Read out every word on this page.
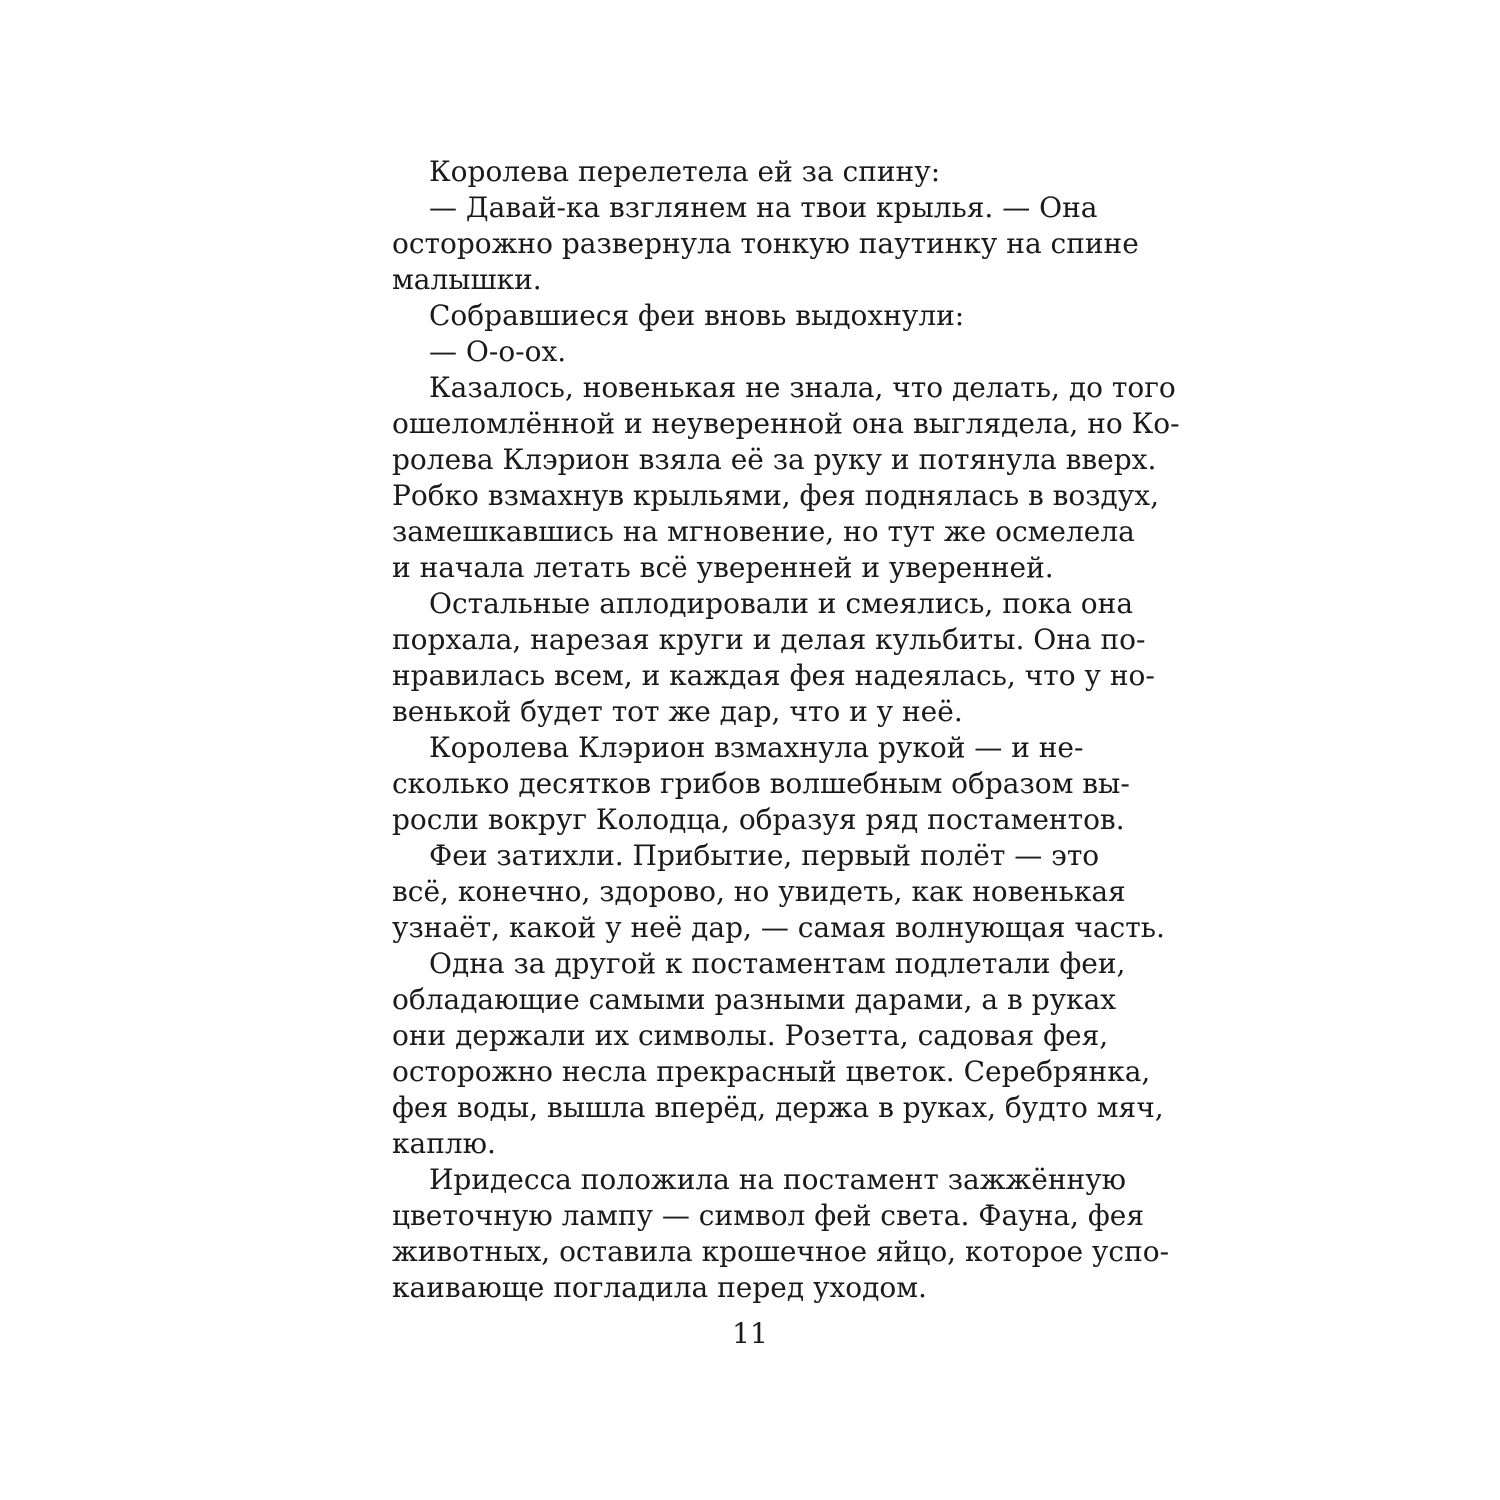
Королева перелетела ей за спину:
— Давай-ка взглянем на твои крылья. — Она
осторожно развернула тонкую паутинку на спине
малышки.
Собравшиеся феи вновь выдохнули:
— О-о-ох.
Казалось, новенькая не знала, что делать, до того
ошеломлённой и неуверенной она выглядела, но Ко-
ролева Клэрион взяла её за руку и потянула вверх.
Робко взмахнув крыльями, фея поднялась в воздух,
замешкавшись на мгновение, но тут же осмелела
и начала летать всё уверенней и уверенней.
Остальные аплодировали и смеялись, пока она
порхала, нарезая круги и делая кульбиты. Она по-
нравилась всем, и каждая фея надеялась, что у но-
венькой будет тот же дар, что и у неё.
Королева Клэрион взмахнула рукой — и не-
сколько десятков грибов волшебным образом вы-
росли вокруг Колодца, образуя ряд постаментов.
Феи затихли. Прибытие, первый полёт — это
всё, конечно, здорово, но увидеть, как новенькая
узнаёт, какой у неё дар, — самая волнующая часть.
Одна за другой к постаментам подлетали феи,
обладающие самыми разными дарами, а в руках
они держали их символы. Розетта, садовая фея,
осторожно несла прекрасный цветок. Серебрянка,
фея воды, вышла вперёд, держа в руках, будто мяч,
каплю.
Иридесса положила на постамент зажжённую
цветочную лампу — символ фей света. Фауна, фея
животных, оставила крошечное яйцо, которое успо-
каивающе погладила перед уходом.
11
